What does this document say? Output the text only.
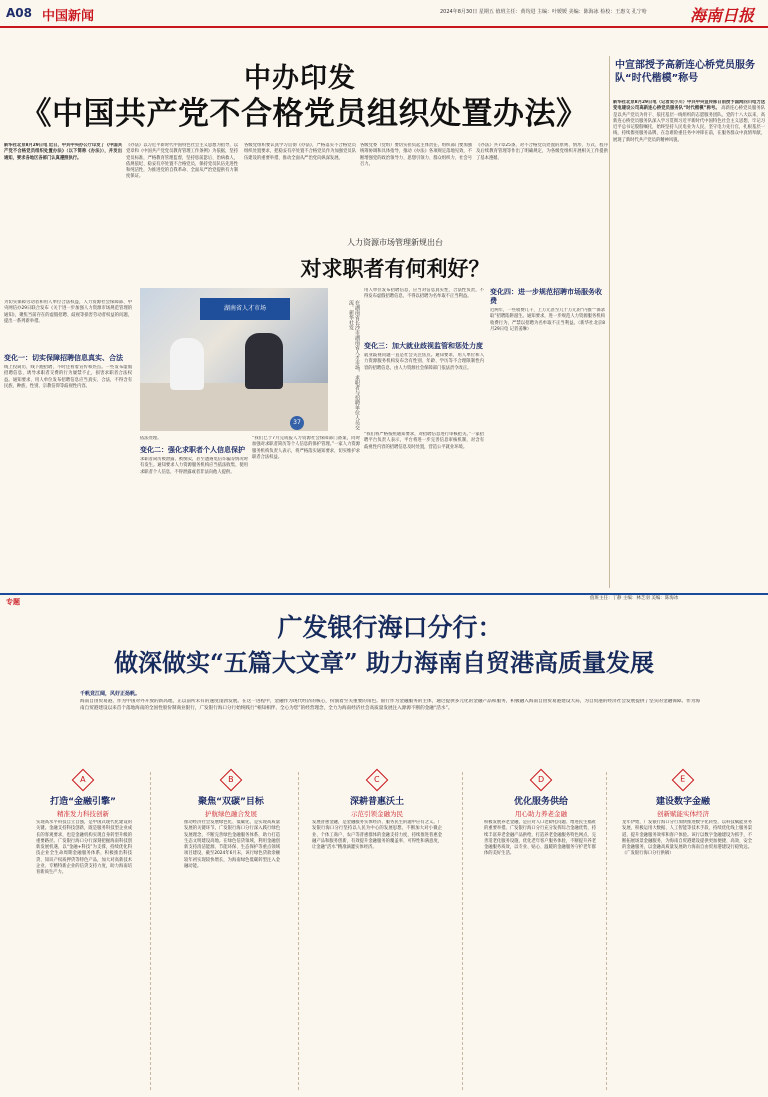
A08 中国新闻	2024年8月30日 星期五 值班主任：黄均进 主编：叶媛媛 美编：陈海冰 检校：王惠文 孔宁哈	海南日报
中办印发
《中国共产党不合格党员组织处置办法》
新华社北京8月29日电 近日，中共中央办公厅印发了《中国共产党不合格党员组织处置办法》（以下简称《办法》），并发出通知，要求各地区各部门认真遵照执行。
《办法》以习近平新时代中国特色社会主义思想为指导，以党章和《中国共产党党员教育管理工作条例》为依据，坚持党员标准，严格教育管理监督，坚持惩前毖后、治病救人，依规依纪、稳妥有序处置不合格党员，保持党员队伍先进性和纯洁性，为推进党的自我革命、全面从严治党提供有力制度保证。
各级党组织要认真学习贯彻《办法》，严格落实不合格党员组织处置要求，把稳妥有序处置不合格党员作为加强党员队伍建设的重要举措，推动全面从严治党向纵深发展。
各级党委（党组）要切实担负起主体责任，组织部门要加强统筹协调和具体指导，推动《办法》各项规定落地见效，不断增强党的政治领导力、思想引领力、群众组织力、社会号召力。
《办法》共7章25条，对不合格党员处置的原则、情形、方式、程序及后续教育管理等作出了明确规定，为各级党组织开展相关工作提供了基本遵循。
中宣部授予高新连心桥党员服务队“时代楷模”称号
新华社北京8月29日电（记者吴小川）中共中央宣传部日前授予国网四川电力送变电建设公司高新连心桥党员服务队“时代楷模”称号。 高新连心桥党员服务队是以共产党员为骨干、依托基层一线组织的志愿服务团队。党的十八大以来，高新连心桥党员服务队深入学习贯彻习近平新时代中国特色社会主义思想，牢记习近平总书记殷殷嘱托，始终坚持人民电业为人民，坚守电力先行官，扎根基层一线，持续擦亮服务品牌，在急难险重任务中冲锋在前，在服务群众中真情奉献，展现了新时代共产党员的精神风貌。
人力资源市场管理新规出台
对求职者有何利好？
为切实保障劳动者和用人单位合法权益，人力资源社会保障部、中央网信办29日联合发布《关于进一步加强人力资源市场规范管理的通知》，聚焦当前存在的虚假招聘、歧视等损害劳动者权益的问题，提出一系列新举措。
变化一：切实保障招聘信息真实、合法
线上投简历，线下跑招聘，不时还看着宣传和热点。一些发布虚假招聘信息、诱导求职者交费的行为屡禁不止，损害求职者合法权益。通知要求，用人单位发布招聘信息应当真实、合法，不得含有民族、种族、性别、宗教信仰等歧视性内容。
湖南省人才市场
37	在湖南省长沙市湖南省人才市场，求职者与招聘单位人员交流。新华社发
用人单位发布招聘信息，应当对信息真实性、合法性负责，不得发布虚假招聘信息，不得以招聘为名牟取不正当利益。
变化三：加大就业歧视监管和惩处力度
就业歧视问题一直是社会关注焦点。通知要求，用人单位和人力资源服务机构发布含有性别、年龄、学历等不合理限制性内容的招聘信息，由人力资源社会保障部门依法责令改正。
依法处理。
变化二：强化求职者个人信息保护
求职者简历被泄露、被倒卖，甚至遭遇电信诈骗等情况时有发生。通知要求人力资源服务机构应当依法收集、使用求职者个人信息，不得泄露或者非法向他人提供。
“我们已于7月完成报人力资源社会保障部门备案，同时加强对求职者简历等个人信息的保护管理。”一家人力资源服务机构负责人表示，将严格落实通知要求，切实维护求职者合法权益。
“我们将严格按照通知要求，对招聘信息进行审核把关。”一家招聘平台负责人表示，平台将进一步完善信息审核机制，对含有歧视性内容的招聘信息及时处置，营造公平就业环境。
变化四：进一步规范招聘市场服务收费
近两年，一些收费几千、上万元甚至几十万元的“内推”“保录取”招聘陷阱滋生。通知要求，进一步规范人力资源服务机构收费行为，严禁以招聘为名牟取不正当利益。（新华社北京8月29日电 记者姜琳）
专题	值班主任：丁静 主编：林芝羽 美编：陈海冰
广发银行海口分行：
做深做实“五篇大文章” 助力海南自贸港高质量发展
千帆竞江阔，风好正扬帆。
海南自由贸易港，作为中国对外开放的新高地，正以前所未有的速度蓬勃发展。在这一进程中，金融作为现代经济的核心，扮演着至关重要的角色。银行作为金融服务的主体，通过提供多元化的金融产品和服务，积极融入海南自由贸易港建设大局，为自贸港的经济社会发展提供了坚实的金融保障。作为海南自贸港建设以来首个落地海南的全国性股份制商业银行，广发银行海口分行始终践行“相知相伴、全心为您”的经营理念，全力为海南经济社会高质量发展注入源源不断的金融“活水”。
A
打造“金融引擎”
精准发力科技创新
实现高水平科技自立自强，是中国式现代化建设的关键。金融支持科技创新，既是服务科技型企业成长的客观要求，也是金融机构实现自身转型升级的重要路径。广发银行海口分行深刻把握海南科技创新发展机遇，以“金融+科技”为支撑，持续优化科技企业全生命周期金融服务体系，积极推出科技贷、知识产权质押贷等特色产品，加大对高新技术企业、专精特新企业的信贷支持力度，助力海南培育新质生产力。
B
聚焦“双碳”目标
护航绿色融合发展
推动经济社会发展绿色化、低碳化，是实现高质量发展的关键环节。广发银行海口分行深入践行绿色发展理念，不断完善绿色金融服务体系，助力打造生态文明建设高地。在绿色信贷领域，利用金融创新支持清洁能源、节能环保、生态保护等重点领域项目建设，截至2024年6月末，该行绿色贷款余额较年初实现较快增长，为海南绿色低碳转型注入金融动能。
C
深耕普惠沃土
示范引领金融为民
发展普惠金融，是金融服务实体经济、服务民生的题中应有之义。广发银行海口分行坚持以人民为中心的发展思想，不断加大对小微企业、个体工商户、农户等普惠群体的金融支持力度，持续推进普惠金融产品和服务创新，有效提升金融服务的覆盖率、可得性和满意度，让金融“活水”精准滴灌实体经济。
D
优化服务供给
用心助力养老金融
积极发展养老金融，是应对人口老龄化问题、增进民生福祉的重要举措。广发银行海口分行充分发挥综合金融优势，持续丰富养老金融产品供给，打造养老金融服务特色网点，完善适老化服务设施，优化老年客户服务体验，不断提升养老金融服务质效，以专业、贴心、温暖的金融服务守护老年群体的美好生活。
E
建设数字金融
创新赋能实体经济
龙年伊始，广发银行海口分行加快推进数字化转型，以科技赋能业务发展，积极运用大数据、人工智能等技术手段，持续优化线上服务渠道，提升金融服务效率和客户体验。该行以数字金融建设为抓手，不断拓展场景金融服务，为海南自贸港建设提供更加便捷、高效、安全的金融服务，以金融高质量发展助力海南自由贸易港建设行稳致远。（广发银行海口分行供稿）
